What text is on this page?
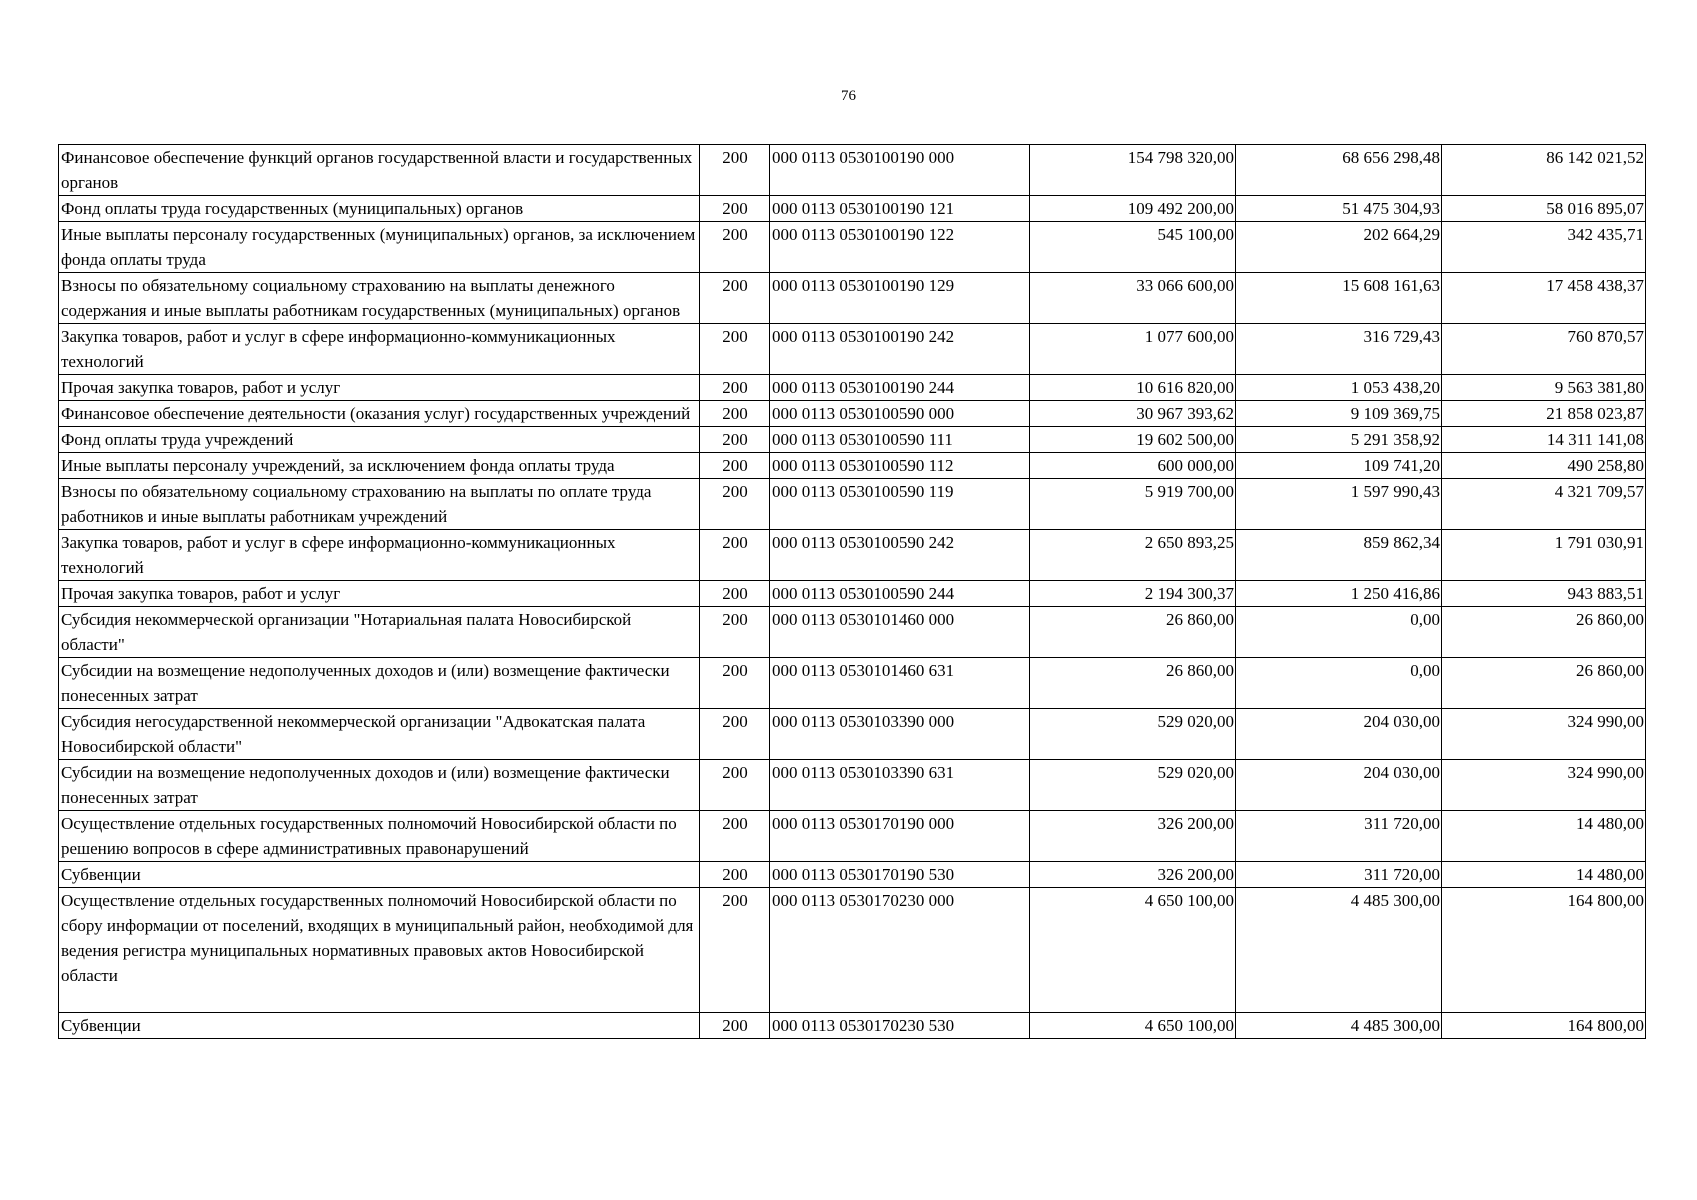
76
Финансовое обеспечение функций органов государственной власти и государственных органов	200	000 0113 0530100190 000	154 798 320,00	68 656 298,48	86 142 021,52
Фонд оплаты труда государственных (муниципальных) органов	200	000 0113 0530100190 121	109 492 200,00	51 475 304,93	58 016 895,07
Иные выплаты персоналу государственных (муниципальных) органов, за исключением фонда оплаты труда	200	000 0113 0530100190 122	545 100,00	202 664,29	342 435,71
Взносы по обязательному социальному страхованию на выплаты денежного содержания и иные выплаты работникам государственных (муниципальных) органов	200	000 0113 0530100190 129	33 066 600,00	15 608 161,63	17 458 438,37
Закупка товаров, работ и услуг в сфере информационно-коммуникационных технологий	200	000 0113 0530100190 242	1 077 600,00	316 729,43	760 870,57
Прочая закупка товаров, работ и услуг	200	000 0113 0530100190 244	10 616 820,00	1 053 438,20	9 563 381,80
Финансовое обеспечение деятельности (оказания услуг) государственных учреждений	200	000 0113 0530100590 000	30 967 393,62	9 109 369,75	21 858 023,87
Фонд оплаты труда учреждений	200	000 0113 0530100590 111	19 602 500,00	5 291 358,92	14 311 141,08
Иные выплаты персоналу учреждений, за исключением фонда оплаты труда	200	000 0113 0530100590 112	600 000,00	109 741,20	490 258,80
Взносы по обязательному социальному страхованию на выплаты по оплате труда работников и иные выплаты работникам учреждений	200	000 0113 0530100590 119	5 919 700,00	1 597 990,43	4 321 709,57
Закупка товаров, работ и услуг в сфере информационно-коммуникационных технологий	200	000 0113 0530100590 242	2 650 893,25	859 862,34	1 791 030,91
Прочая закупка товаров, работ и услуг	200	000 0113 0530100590 244	2 194 300,37	1 250 416,86	943 883,51
Субсидия некоммерческой организации "Нотариальная палата Новосибирской области"	200	000 0113 0530101460 000	26 860,00	0,00	26 860,00
Субсидии на возмещение недополученных доходов и (или) возмещение фактически понесенных затрат	200	000 0113 0530101460 631	26 860,00	0,00	26 860,00
Субсидия негосударственной некоммерческой организации "Адвокатская палата Новосибирской области"	200	000 0113 0530103390 000	529 020,00	204 030,00	324 990,00
Субсидии на возмещение недополученных доходов и (или) возмещение фактически понесенных затрат	200	000 0113 0530103390 631	529 020,00	204 030,00	324 990,00
Осуществление отдельных государственных полномочий Новосибирской области по решению вопросов в сфере административных правонарушений	200	000 0113 0530170190 000	326 200,00	311 720,00	14 480,00
Субвенции	200	000 0113 0530170190 530	326 200,00	311 720,00	14 480,00
Осуществление отдельных государственных полномочий Новосибирской области по сбору информации от поселений, входящих в муниципальный район, необходимой для ведения регистра муниципальных нормативных правовых актов Новосибирской области	200	000 0113 0530170230 000	4 650 100,00	4 485 300,00	164 800,00
Субвенции	200	000 0113 0530170230 530	4 650 100,00	4 485 300,00	164 800,00
